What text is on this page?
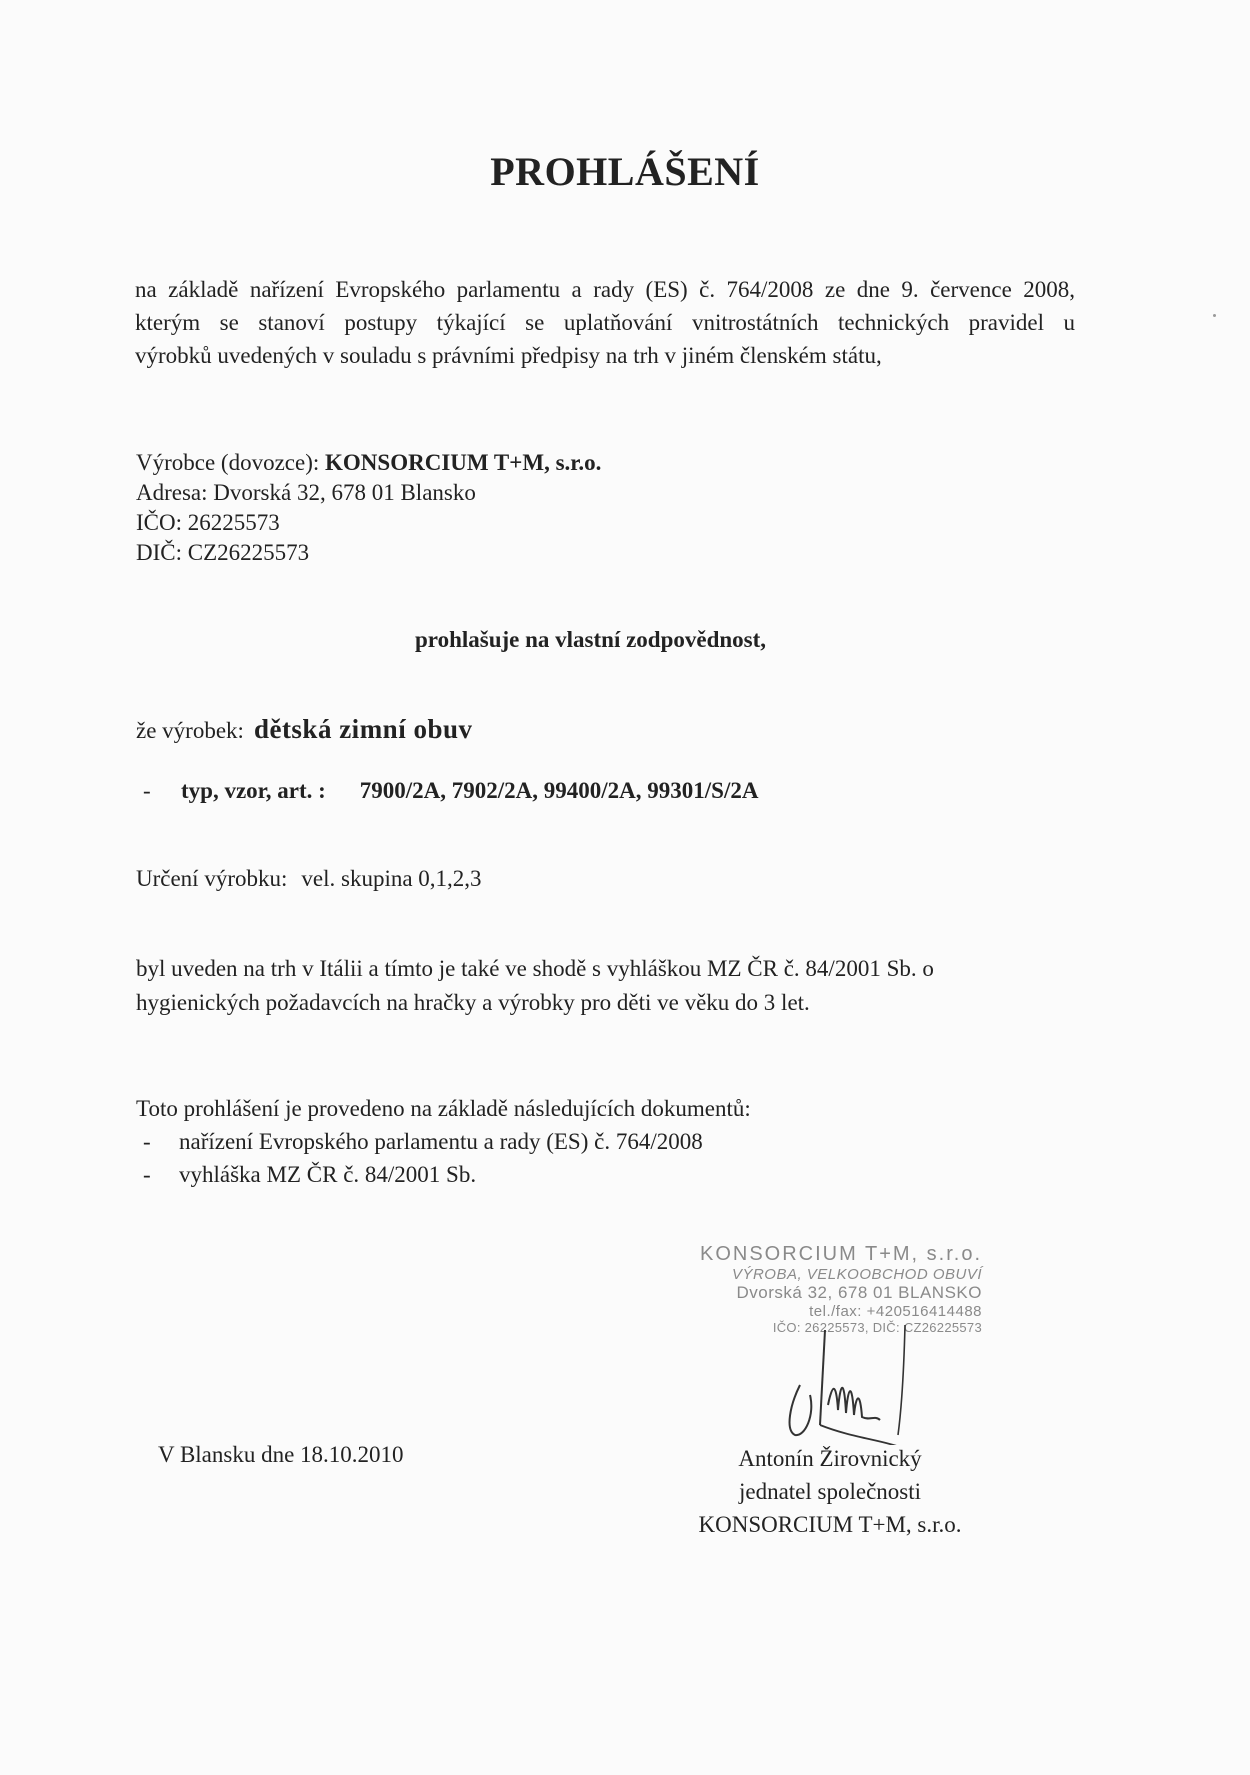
PROHLÁŠENÍ
na základě nařízení Evropského parlamentu a rady (ES) č. 764/2008 ze dne 9. července 2008,
kterým se stanoví postupy týkající se uplatňování vnitrostátních technických pravidel u
výrobků uvedených v souladu s právními předpisy na trh v jiném členském státu,
Výrobce (dovozce): KONSORCIUM T+M, s.r.o.
Adresa: Dvorská 32, 678 01 Blansko
IČO: 26225573
DIČ: CZ26225573
prohlašuje na vlastní zodpovědnost,
že výrobek: dětská zimní obuv
- typ, vzor, art. : 7900/2A, 7902/2A, 99400/2A, 99301/S/2A
Určení výrobku: vel. skupina 0,1,2,3
byl uveden na trh v Itálii a tímto je také ve shodě s vyhláškou MZ ČR č. 84/2001 Sb. o
hygienických požadavcích na hračky a výrobky pro děti ve věku do 3 let.
Toto prohlášení je provedeno na základě následujících dokumentů:
- nařízení Evropského parlamentu a rady (ES) č. 764/2008
- vyhláška MZ ČR č. 84/2001 Sb.
KONSORCIUM T+M, s.r.o.
VÝROBA, VELKOOBCHOD OBUVÍ
Dvorská 32, 678 01 BLANSKO
tel./fax: +420516414488
IČO: 26225573, DIČ: CZ26225573
V Blansku dne 18.10.2010	Antonín Žirovnický
jednatel společnosti
KONSORCIUM T+M, s.r.o.
